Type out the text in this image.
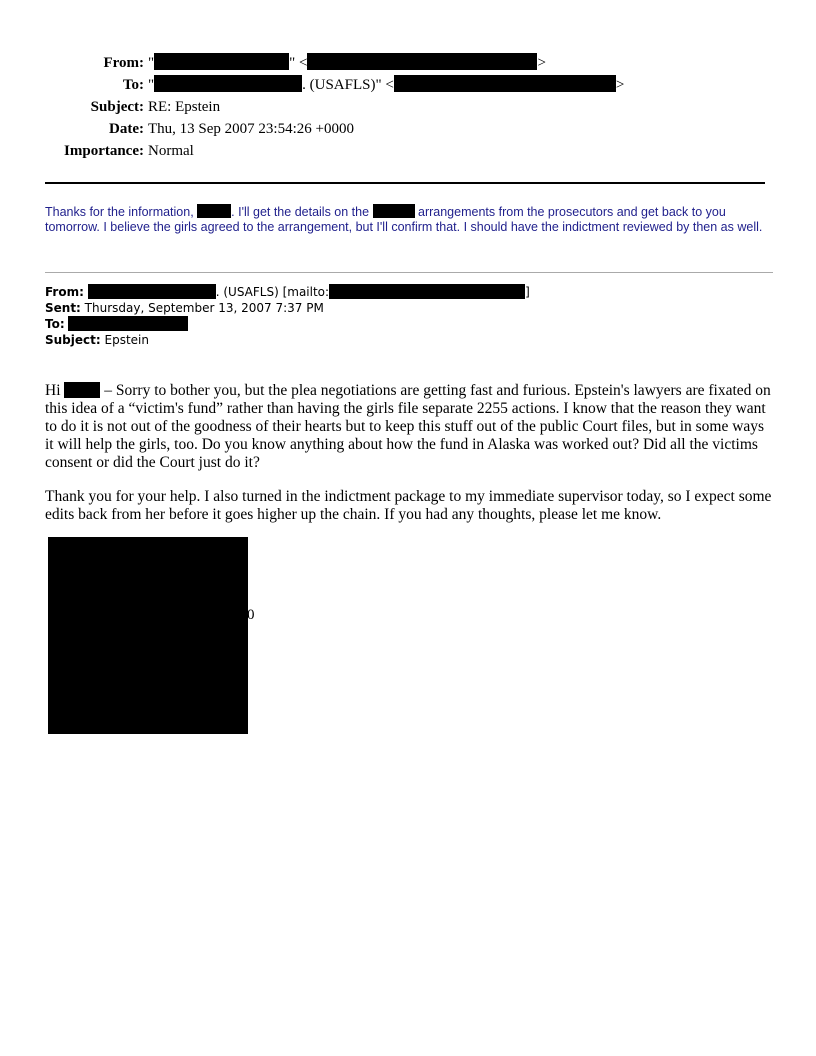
From: "	" <	>
To: "	. (USAFLS)" <	>
Subject: RE: Epstein
Date: Thu, 13 Sep 2007 23:54:26 +0000
Importance: Normal
Thanks for the information,	. I'll get the details on the	arrangements from the prosecutors and get back to you tomorrow. I believe the girls agreed to the arrangement, but I'll confirm that. I should have the indictment reviewed by then as well.
From:	. (USAFLS) [mailto:	]
Sent: Thursday, September 13, 2007 7:37 PM
To:
Subject: Epstein
Hi  – Sorry to bother you, but the plea negotiations are getting fast and furious. Epstein's lawyers are fixated on this idea of a “victim's fund” rather than having the girls file separate 2255 actions. I know that the reason they want to do it is not out of the goodness of their hearts but to keep this stuff out of the public Court files, but in some ways it will help the girls, too. Do you know anything about how the fund in Alaska was worked out? Did all the victims consent or did the Court just do it?
Thank you for your help. I also turned in the indictment package to my immediate supervisor today, so I expect some edits back from her before it goes higher up the chain. If you had any thoughts, please let me know.
0
